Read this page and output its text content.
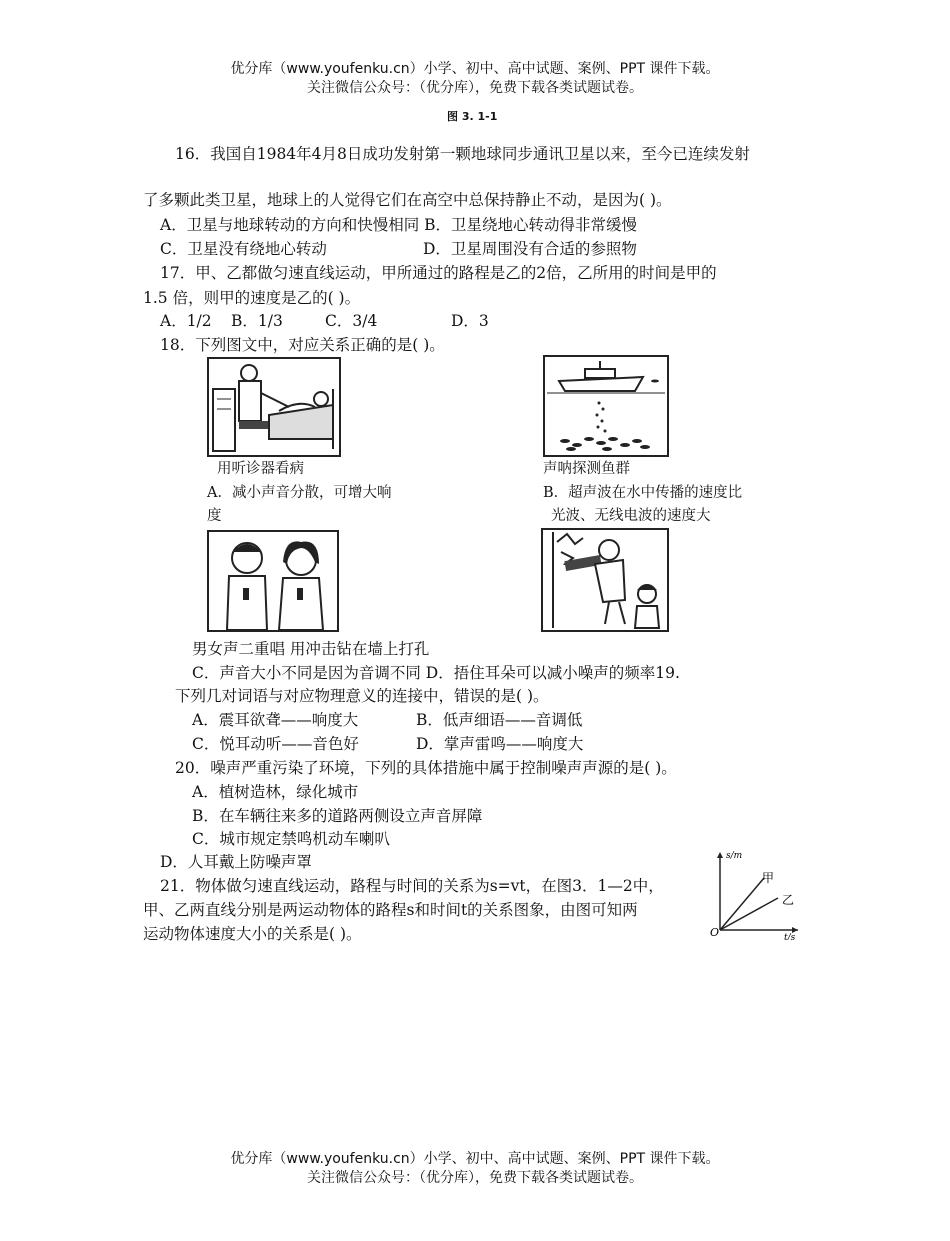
优分库（www.youfenku.cn）小学、初中、高中试题、案例、PPT 课件下载。
关注微信公众号：（优分库），免费下载各类试题试卷。
图 3. 1-1
16．我国自1984年4月8日成功发射第一颗地球同步通讯卫星以来，至今已连续发射
了多颗此类卫星，地球上的人觉得它们在高空中总保持静止不动，是因为( )。
A．卫星与地球转动的方向和快慢相同 B．卫星绕地心转动得非常缓慢
C．卫星没有绕地心转动	D．卫星周围没有合适的参照物
17．甲、乙都做匀速直线运动，甲所通过的路程是乙的2倍，乙所用的时间是甲的
1.5 倍，则甲的速度是乙的( )。
A．1/2 B．1/3	C．3/4	D．3
18．下列图文中，对应关系正确的是( )。
用听诊器看病
A．减小声音分散，可增大响
度
声呐探测鱼群
B．超声波在水中传播的速度比
光波、无线电波的速度大
男女声二重唱 用冲击钻在墙上打孔
C．声音大小不同是因为音调不同 D．捂住耳朵可以减小噪声的频率19.
下列几对词语与对应物理意义的连接中，错误的是( )。
A．震耳欲聋——响度大	B．低声细语——音调低
C．悦耳动听——音色好	D．掌声雷鸣——响度大
20．噪声严重污染了环境，下列的具体措施中属于控制噪声声源的是( )。
A．植树造林，绿化城市
B．在车辆往来多的道路两侧设立声音屏障
C．城市规定禁鸣机动车喇叭
D．人耳戴上防噪声罩
21．物体做匀速直线运动，路程与时间的关系为s=vt，在图3．1—2中，
甲、乙两直线分别是两运动物体的路程s和时间t的关系图象，由图可知两
运动物体速度大小的关系是( )。
s/m
t/s
O
甲
乙
优分库（www.youfenku.cn）小学、初中、高中试题、案例、PPT 课件下载。
关注微信公众号：（优分库），免费下载各类试题试卷。
